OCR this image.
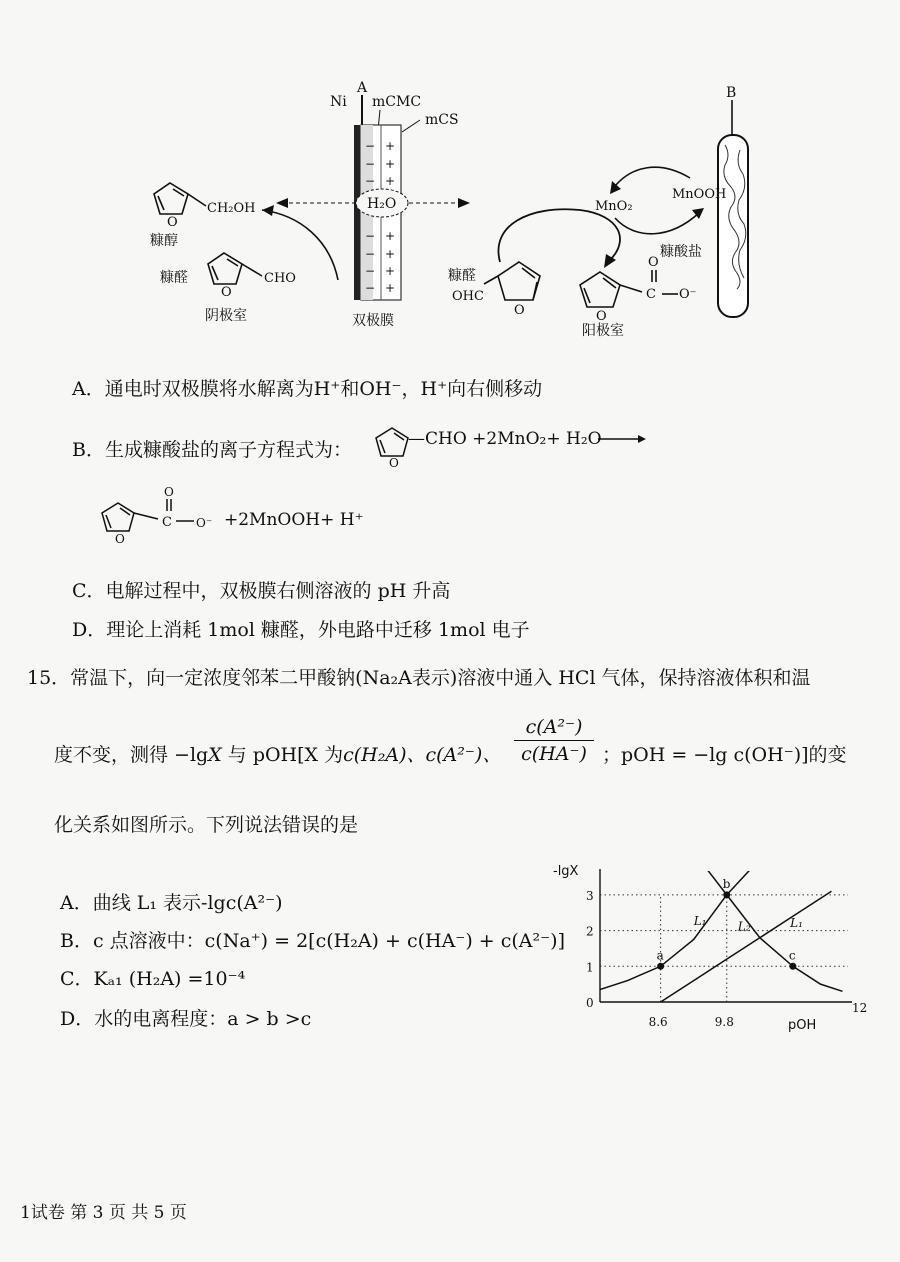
A
Ni mCMC
mCS
− +
− +
− +
− +
− +
− +
− +
H₂O
双极膜
O
CH₂OH
糠醇
O
CHO
糠醛
阴极室
B
MnOOH
MnO₂
糠酸盐
O
OHC
糠醛
O
C
O
O⁻
阳极室
A．通电时双极膜将水解离为H⁺和OH⁻，H⁺向右侧移动
B．生成糠酸盐的离子方程式为：
O
—CHO +2MnO₂+ H₂O
O
C
O
O⁻ +2MnOOH+ H⁺
C．电解过程中，双极膜右侧溶液的 pH 升高
D．理论上消耗 1mol 糠醛，外电路中迁移 1mol 电子
15．常温下，向一定浓度邻苯二甲酸钠(Na₂A表示)溶液中通入 HCl 气体，保持溶液体积和温
度不变，测得 −lgX 与 pOH[X 为c(H₂A)、c(A²⁻)、
c(A²⁻)
c(HA⁻) ；pOH = −lg c(OH⁻)]的变
化关系如图所示。下列说法错误的是
A．曲线 L₁ 表示-lgc(A²⁻)
B．c 点溶液中：c(Na⁺) = 2[c(H₂A) + c(HA⁻) + c(A²⁻)]
C．Kₐ₁ (H₂A) =10⁻⁴
D．水的电离程度：a > b >c
-lgX
pOH
0
1
2
3
8.6	9.8
12
L₁	L₂	L₁
a
b
c
1试卷 第 3 页 共 5 页
